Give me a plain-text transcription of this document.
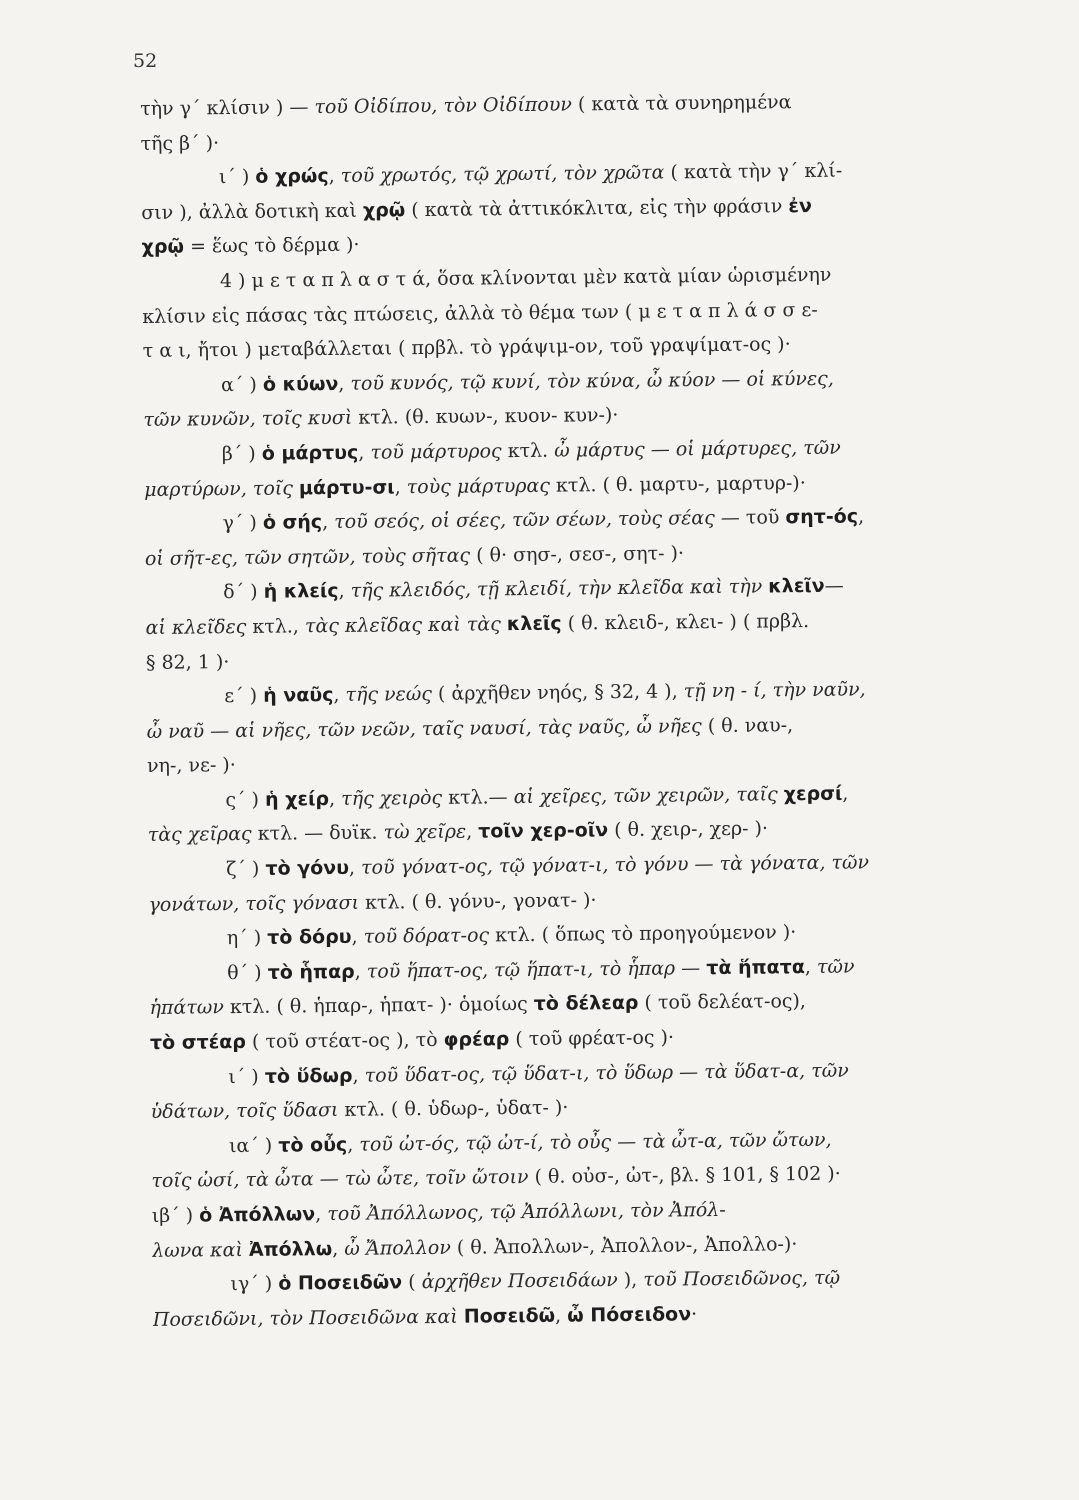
52
τὴν γ΄ κλίσιν ) — τοῦ Οἰδίπου, τὸν Οἰδίπουν ( κατὰ τὰ συνηρημένα
τῆς β΄ )·
ι΄ ) ὁ χρώς, τοῦ χρωτός, τῷ χρωτί, τὸν χρῶτα ( κατὰ τὴν γ΄ κλί-
σιν ), ἀλλὰ δοτικὴ καὶ χρῷ ( κατὰ τὰ ἀττικόκλιτα, εἰς τὴν φράσιν ἐν
χρῷ = ἕως τὸ δέρμα )·
4 ) μ ε τ α π λ α σ τ ά, ὅσα κλίνονται μὲν κατὰ μίαν ὡρισμένην
κλίσιν εἰς πάσας τὰς πτώσεις, ἀλλὰ τὸ θέμα των ( μ ε τ α π λ ά σ σ ε-
τ α ι, ἤτοι ) μεταβάλλεται ( πρβλ. τὸ γράψιμ-ον, τοῦ γραψίματ-ος )·
α΄ ) ὁ κύων, τοῦ κυνός, τῷ κυνί, τὸν κύνα, ὦ κύον — οἱ κύνες,
τῶν κυνῶν, τοῖς κυσὶ κτλ. (θ. κυων-, κυον- κυν-)·
β΄ ) ὁ μάρτυς, τοῦ μάρτυρος κτλ. ὦ μάρτυς — οἱ μάρτυρες, τῶν
μαρτύρων, τοῖς μάρτυ-σι, τοὺς μάρτυρας κτλ. ( θ. μαρτυ-, μαρτυρ-)·
γ΄ ) ὁ σής, τοῦ σεός, οἱ σέες, τῶν σέων, τοὺς σέας — τοῦ σητ-ός,
οἱ σῆτ-ες, τῶν σητῶν, τοὺς σῆτας ( θ· σησ-, σεσ-, σητ- )·
δ΄ ) ἡ κλείς, τῆς κλειδός, τῇ κλειδί, τὴν κλεῖδα καὶ τὴν κλεῖν—
αἱ κλεῖδες κτλ., τὰς κλεῖδας καὶ τὰς κλεῖς ( θ. κλειδ-, κλει- ) ( πρβλ.
§ 82, 1 )·
ε΄ ) ἡ ναῦς, τῆς νεώς ( ἀρχῆθεν νηός, § 32, 4 ), τῇ νη - ί, τὴν ναῦν,
ὦ ναῦ — αἱ νῆες, τῶν νεῶν, ταῖς ναυσί, τὰς ναῦς, ὦ νῆες ( θ. ναυ-,
νη-, νε- )·
ς΄ ) ἡ χείρ, τῆς χειρὸς κτλ.— αἱ χεῖρες, τῶν χειρῶν, ταῖς χερσί,
τὰς χεῖρας κτλ. — δυϊκ. τὼ χεῖρε, τοῖν χερ-οῖν ( θ. χειρ-, χερ- )·
ζ΄ ) τὸ γόνυ, τοῦ γόνατ-ος, τῷ γόνατ-ι, τὸ γόνυ — τὰ γόνατα, τῶν
γονάτων, τοῖς γόνασι κτλ. ( θ. γόνυ-, γονατ- )·
η΄ ) τὸ δόρυ, τοῦ δόρατ-ος κτλ. ( ὅπως τὸ προηγούμενον )·
θ΄ ) τὸ ἧπαρ, τοῦ ἥπατ-ος, τῷ ἥπατ-ι, τὸ ἧπαρ — τὰ ἥπατα, τῶν
ἡπάτων κτλ. ( θ. ἡπαρ-, ἡπατ- )· ὁμοίως τὸ δέλεαρ ( τοῦ δελέατ-ος),
τὸ στέαρ ( τοῦ στέατ-ος ), τὸ φρέαρ ( τοῦ φρέατ-ος )·
ι΄ ) τὸ ὕδωρ, τοῦ ὕδατ-ος, τῷ ὕδατ-ι, τὸ ὕδωρ — τὰ ὕδατ-α, τῶν
ὑδάτων, τοῖς ὕδασι κτλ. ( θ. ὑδωρ-, ὑδατ- )·
ια΄ ) τὸ οὖς, τοῦ ὠτ-ός, τῷ ὠτ-ί, τὸ οὖς — τὰ ὦτ-α, τῶν ὤτων,
τοῖς ὠσί, τὰ ὦτα — τὼ ὦτε, τοῖν ὤτοιν ( θ. οὐσ-, ὠτ-, βλ. § 101, § 102 )·
ιβ΄ ) ὁ Ἀπόλλων, τοῦ Ἀπόλλωνος, τῷ Ἀπόλλωνι, τὸν Ἀπόλ-
λωνα καὶ Ἀπόλλω, ὦ Ἄπολλον ( θ. Ἀπολλων-, Ἀπολλον-, Ἀπολλο-)·
ιγ΄ ) ὁ Ποσειδῶν ( ἀρχῆθεν Ποσειδάων ), τοῦ Ποσειδῶνος, τῷ
Ποσειδῶνι, τὸν Ποσειδῶνα καὶ Ποσειδῶ, ὦ Πόσειδον·
